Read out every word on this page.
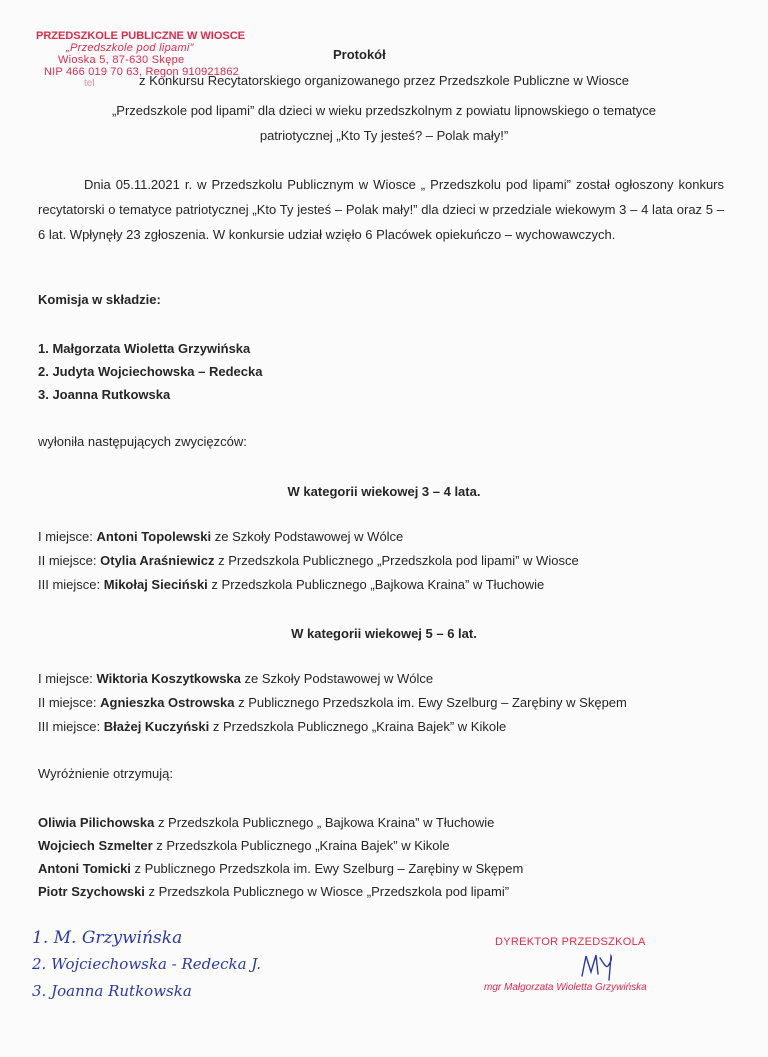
PRZEDSZKOLE PUBLICZNE W WIOSCE
„Przedszkole pod lipami”
Wioska 5, 87-630 Skępe
NIP 466 019 70 63, Regon 910921862
tel
Protokół
z Konkursu Recytatorskiego organizowanego przez Przedszkole Publiczne w Wiosce
„Przedszkole pod lipami” dla dzieci w wieku przedszkolnym z powiatu lipnowskiego o tematyce
patriotycznej „Kto Ty jesteś? – Polak mały!”
Dnia 05.11.2021 r. w Przedszkolu Publicznym w Wiosce „ Przedszkolu pod lipami” został ogłoszony konkurs recytatorski o tematyce patriotycznej „Kto Ty jesteś – Polak mały!” dla dzieci w przedziale wiekowym 3 – 4 lata oraz 5 – 6 lat. Wpłynęły 23 zgłoszenia. W konkursie udział wzięło 6 Placówek opiekuńczo – wychowawczych.
Komisja w składzie:
1. Małgorzata Wioletta Grzywińska
2. Judyta Wojciechowska – Redecka
3. Joanna Rutkowska
wyłoniła następujących zwycięzców:
W kategorii wiekowej 3 – 4 lata.
I miejsce: Antoni Topolewski ze Szkoły Podstawowej w Wólce
II miejsce: Otylia Araśniewicz z Przedszkola Publicznego „Przedszkola pod lipami” w Wiosce
III miejsce: Mikołaj Sieciński z Przedszkola Publicznego „Bajkowa Kraina” w Tłuchowie
W kategorii wiekowej 5 – 6 lat.
I miejsce: Wiktoria Koszytkowska ze Szkoły Podstawowej w Wólce
II miejsce: Agnieszka Ostrowska z Publicznego Przedszkola im. Ewy Szelburg – Zarębiny w Skępem
III miejsce: Błażej Kuczyński z Przedszkola Publicznego „Kraina Bajek” w Kikole
Wyróżnienie otrzymują:
Oliwia Pilichowska z Przedszkola Publicznego „ Bajkowa Kraina” w Tłuchowie
Wojciech Szmelter z Przedszkola Publicznego „Kraina Bajek” w Kikole
Antoni Tomicki z Publicznego Przedszkola im. Ewy Szelburg – Zarębiny w Skępem
Piotr Szychowski z Przedszkola Publicznego w Wiosce „Przedszkola pod lipami”
1. M. Grzywińska
2. Wojciechowska - Redecka J.
3. Joanna Rutkowska
DYREKTOR PRZEDSZKOLA
mgr Małgorzata Wioletta Grzywińska
